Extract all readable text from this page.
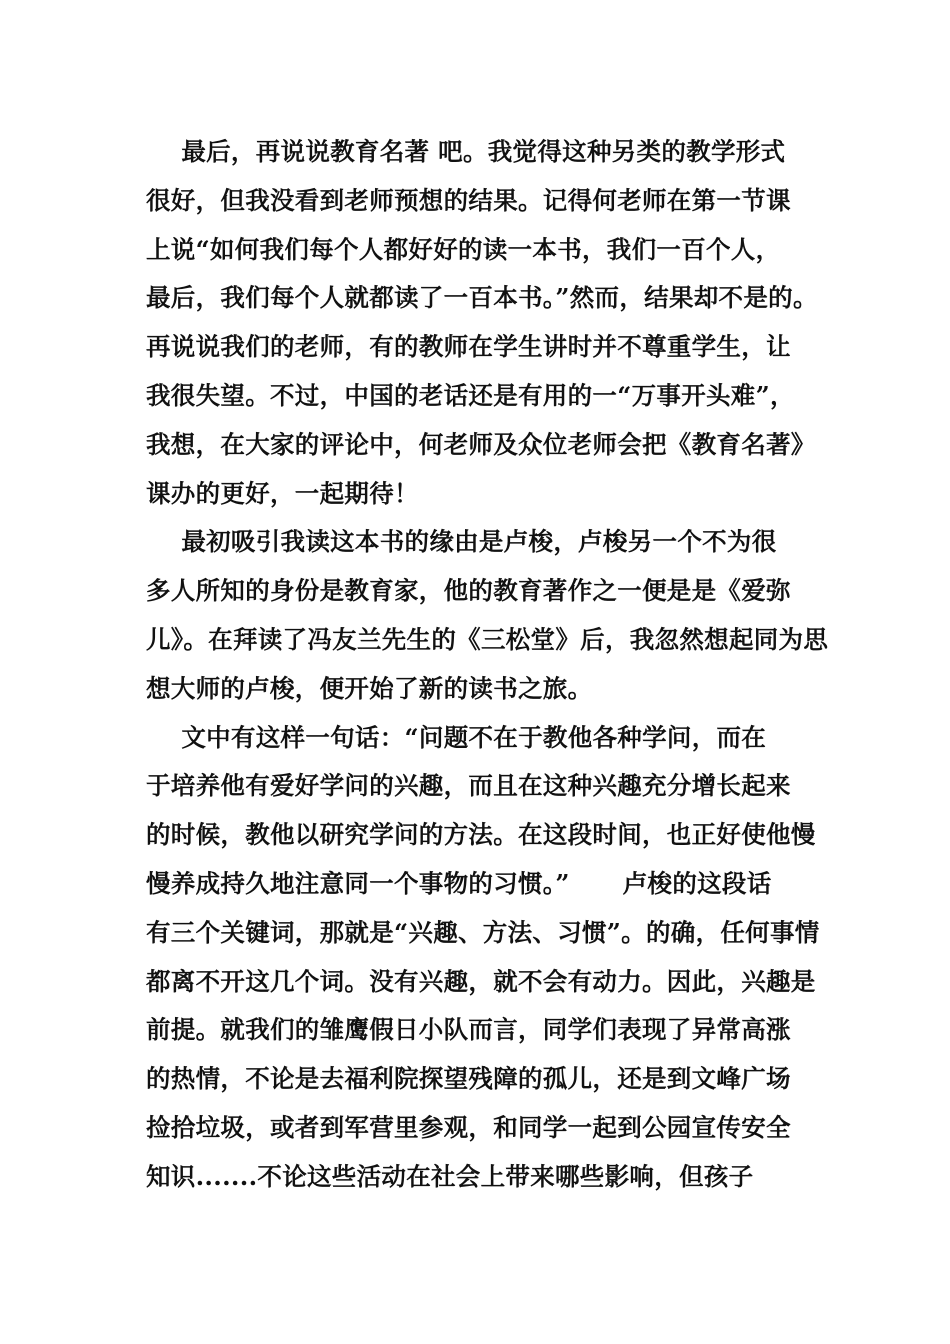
最后，再说说教育名著 吧。我觉得这种另类的教学形式
很好，但我没看到老师预想的结果。记得何老师在第一节课
上说“如何我们每个人都好好的读一本书，我们一百个人，
最后，我们每个人就都读了一百本书。”然而，结果却不是的。
再说说我们的老师，有的教师在学生讲时并不尊重学生，让
我很失望。不过，中国的老话还是有用的一“万事开头难”，
我想，在大家的评论中，何老师及众位老师会把《教育名著》
课办的更好，一起期待！
最初吸引我读这本书的缘由是卢梭，卢梭另一个不为很
多人所知的身份是教育家，他的教育著作之一便是是《爱弥
儿》。在拜读了冯友兰先生的《三松堂》后，我忽然想起同为思
想大师的卢梭，便开始了新的读书之旅。
文中有这样一句话：“问题不在于教他各种学问，而在
于培养他有爱好学问的兴趣，而且在这种兴趣充分增长起来
的时候，教他以研究学问的方法。在这段时间，也正好使他慢
慢养成持久地注意同一个事物的习惯。”      卢梭的这段话
有三个关键词，那就是“兴趣、方法、习惯”。的确，任何事情
都离不开这几个词。没有兴趣，就不会有动力。因此，兴趣是
前提。就我们的雏鹰假日小队而言，同学们表现了异常高涨
的热情，不论是去福利院探望残障的孤儿，还是到文峰广场
捡拾垃圾，或者到军营里参观，和同学一起到公园宣传安全
知识.......不论这些活动在社会上带来哪些影响，但孩子
